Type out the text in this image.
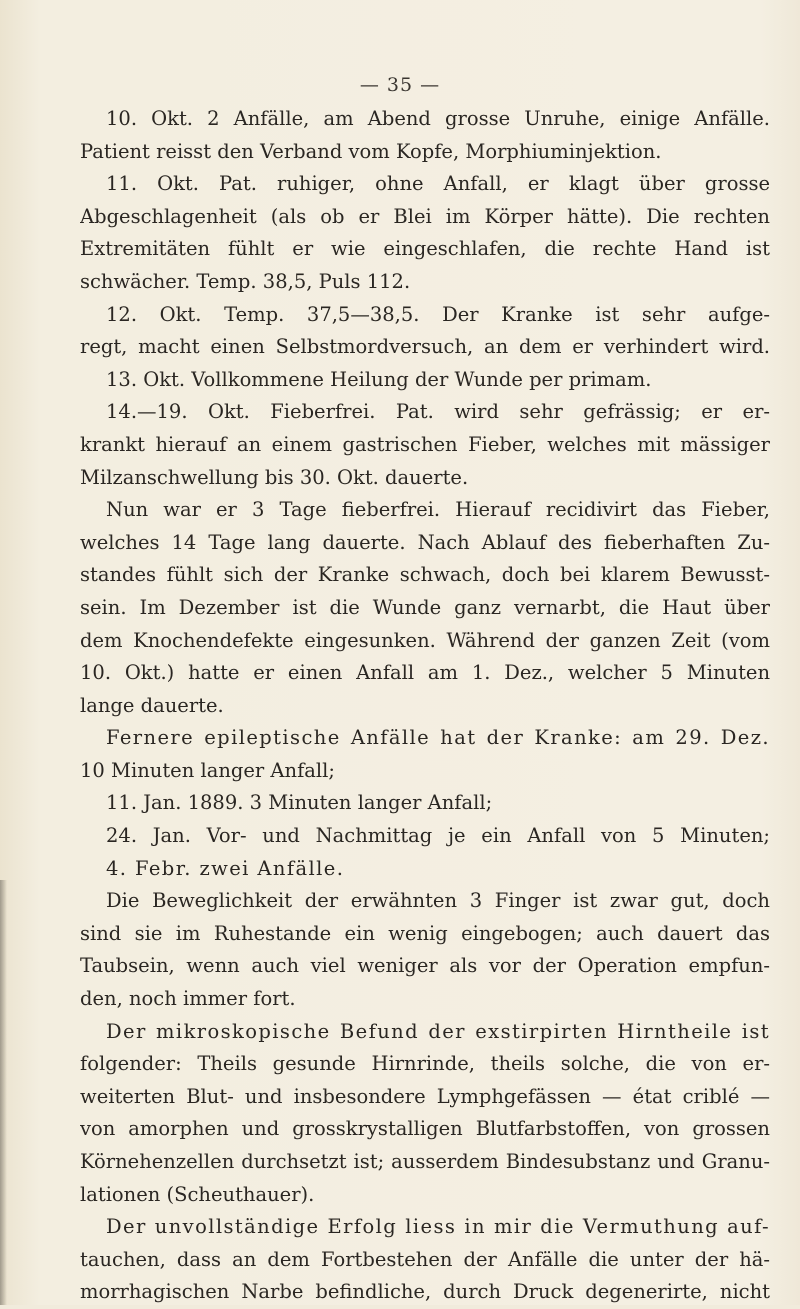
— 35 —
10. Okt. 2 Anfälle, am Abend grosse Unruhe, einige Anfälle.
Patient reisst den Verband vom Kopfe, Morphiuminjektion.
11. Okt. Pat. ruhiger, ohne Anfall, er klagt über grosse
Abgeschlagenheit (als ob er Blei im Körper hätte). Die rechten
Extremitäten fühlt er wie eingeschlafen, die rechte Hand ist
schwächer. Temp. 38,5, Puls 112.
12. Okt. Temp. 37,5—38,5. Der Kranke ist sehr aufge-
regt, macht einen Selbstmordversuch, an dem er verhindert wird.
13. Okt. Vollkommene Heilung der Wunde per primam.
14.—19. Okt. Fieberfrei. Pat. wird sehr gefrässig; er er-
krankt hierauf an einem gastrischen Fieber, welches mit mässiger
Milzanschwellung bis 30. Okt. dauerte.
Nun war er 3 Tage fieberfrei. Hierauf recidivirt das Fieber,
welches 14 Tage lang dauerte. Nach Ablauf des fieberhaften Zu-
standes fühlt sich der Kranke schwach, doch bei klarem Bewusst-
sein. Im Dezember ist die Wunde ganz vernarbt, die Haut über
dem Knochendefekte eingesunken. Während der ganzen Zeit (vom
10. Okt.) hatte er einen Anfall am 1. Dez., welcher 5 Minuten
lange dauerte.
Fernere epileptische Anfälle hat der Kranke: am 29. Dez.
10 Minuten langer Anfall;
11. Jan. 1889. 3 Minuten langer Anfall;
24. Jan. Vor- und Nachmittag je ein Anfall von 5 Minuten;
4. Febr. zwei Anfälle.
Die Beweglichkeit der erwähnten 3 Finger ist zwar gut, doch
sind sie im Ruhestande ein wenig eingebogen; auch dauert das
Taubsein, wenn auch viel weniger als vor der Operation empfun-
den, noch immer fort.
Der mikroskopische Befund der exstirpirten Hirntheile ist
folgender: Theils gesunde Hirnrinde, theils solche, die von er-
weiterten Blut- und insbesondere Lymphgefässen — état criblé —
von amorphen und grosskrystalligen Blutfarbstoffen, von grossen
Körnehenzellen durchsetzt ist; ausserdem Bindesubstanz und Granu-
lationen (Scheuthauer).
Der unvollständige Erfolg liess in mir die Vermuthung auf-
tauchen, dass an dem Fortbestehen der Anfälle die unter der hä-
morrhagischen Narbe befindliche, durch Druck degenerirte, nicht
